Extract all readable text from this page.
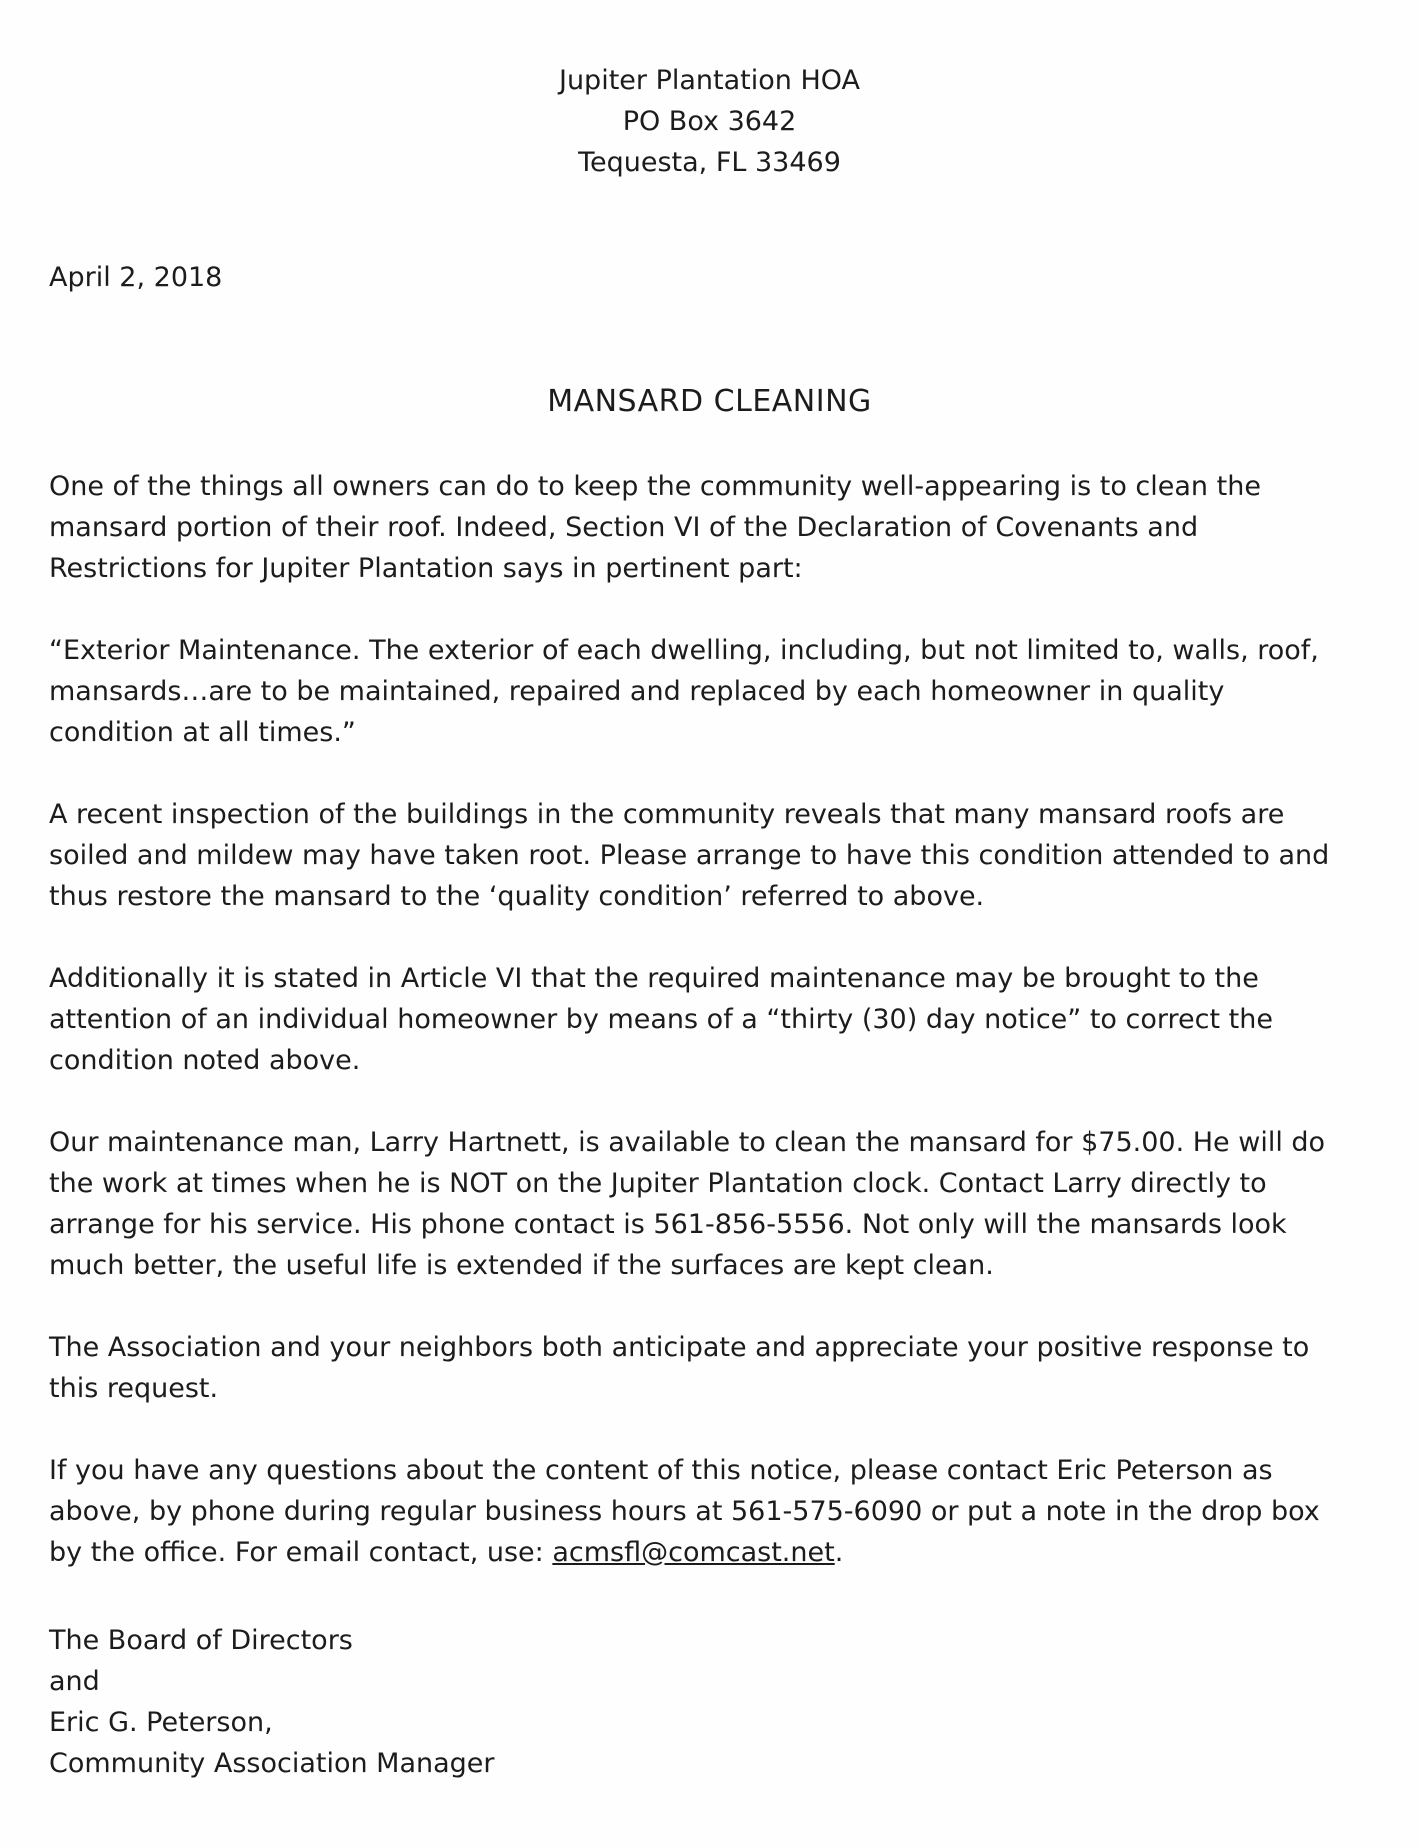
Jupiter Plantation HOA
PO Box 3642
Tequesta, FL 33469
April 2, 2018
MANSARD CLEANING
One of the things all owners can do to keep the community well-appearing is to clean the
mansard portion of their roof. Indeed, Section VI of the Declaration of Covenants and
Restrictions for Jupiter Plantation says in pertinent part:
“Exterior Maintenance. The exterior of each dwelling, including, but not limited to, walls, roof,
mansards…are to be maintained, repaired and replaced by each homeowner in quality
condition at all times.”
A recent inspection of the buildings in the community reveals that many mansard roofs are
soiled and mildew may have taken root. Please arrange to have this condition attended to and
thus restore the mansard to the ‘quality condition’ referred to above.
Additionally it is stated in Article VI that the required maintenance may be brought to the
attention of an individual homeowner by means of a “thirty (30) day notice” to correct the
condition noted above.
Our maintenance man, Larry Hartnett, is available to clean the mansard for $75.00. He will do
the work at times when he is NOT on the Jupiter Plantation clock. Contact Larry directly to
arrange for his service. His phone contact is 561-856-5556. Not only will the mansards look
much better, the useful life is extended if the surfaces are kept clean.
The Association and your neighbors both anticipate and appreciate your positive response to
this request.
If you have any questions about the content of this notice, please contact Eric Peterson as
above, by phone during regular business hours at 561-575-6090 or put a note in the drop box
by the office. For email contact, use: acmsfl@comcast.net.
The Board of Directors
and
Eric G. Peterson,
Community Association Manager
